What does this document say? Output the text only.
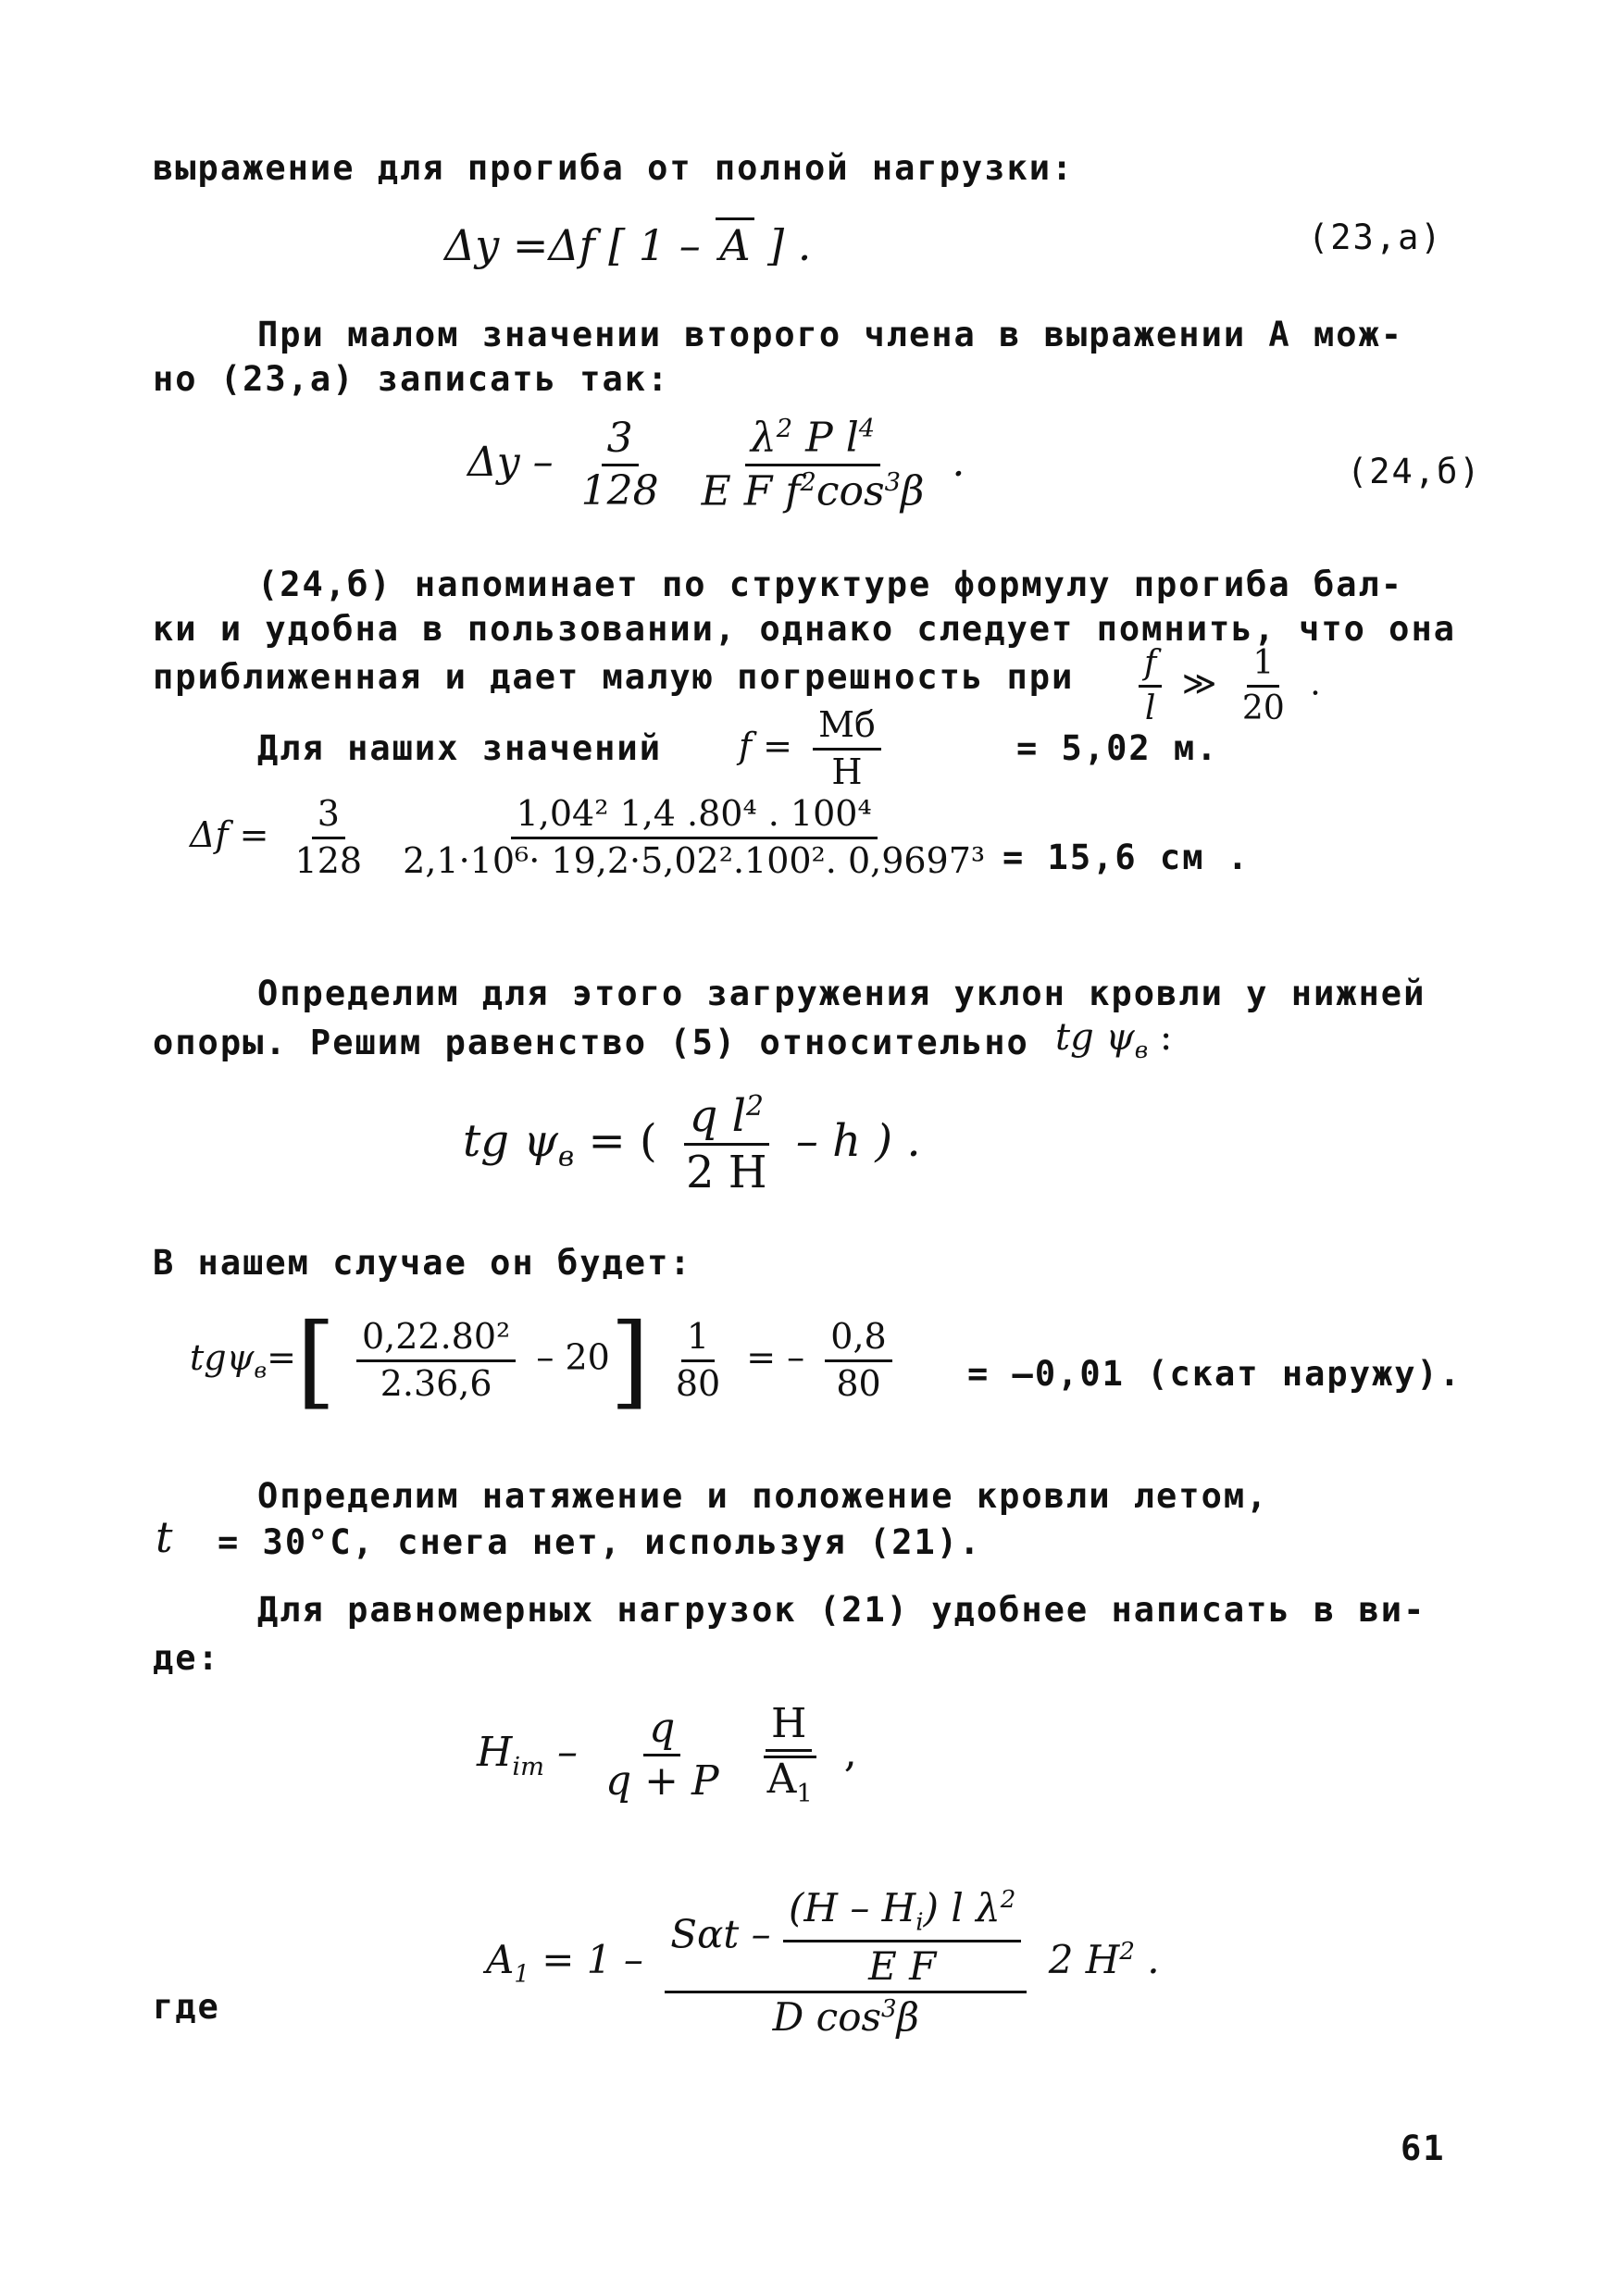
выражение для прогиба от полной нагрузки:
Δy =Δf [ 1 – A ] .	(23,а)
При малом значении второго члена в выражении А мож-
но (23,а) записать так:
Δy – $\frac{3}{128}$
$\frac{\lambda^2 P l^4}{E F f^2\cos^3\beta}$ .	(24,б)
(24,б) напоминает по структуре формулу прогиба бал-
ки и удобна в пользовании, однако следует помнить, что она
приближенная и дает малую погрешность при $\frac{f}{l}$ ≫ $\frac{1}{20}$ .
Для наших значений $f = \frac{Mб}{H}$	= 5,02 м.
$\Delta f = \frac{3}{128}$
$\frac{\text{1,04² 1,4 .80⁴ . 100⁴}}{\text{2,1·10⁶· 19,2·5,02².100². 0,9697³}} = 15,6$ см .
Определим для этого загружения уклон кровли у нижней
опоры. Решим равенство (5) относительно tg $\psi_в$ :
tg $\psi_в$ = ( $\frac{q l^2}{2 H}$ – h ) .
В нашем случае он будет:
$tg\psi_в=[ \frac{\text{0,22.80²}}{2.36,6} - 20] \frac{1}{80}$ = – $\frac{0,8}{80} = -0,01$ (скат наружу).
Определим натяжение и положение кровли летом,
t = 30°С, снега нет, используя (21).
Для равномерных нагрузок (21) удобнее написать в ви-
де:
$H_{iт} - \frac{q}{q + P}$
$\frac{H}{A_1}$ ,
где
$A_1 = 1 - \frac{S\alpha t - \frac{(H - H_i) l \lambda^2}{\text{E F}}}{D \cos^3\beta} 2$ $H^2$ .
61
